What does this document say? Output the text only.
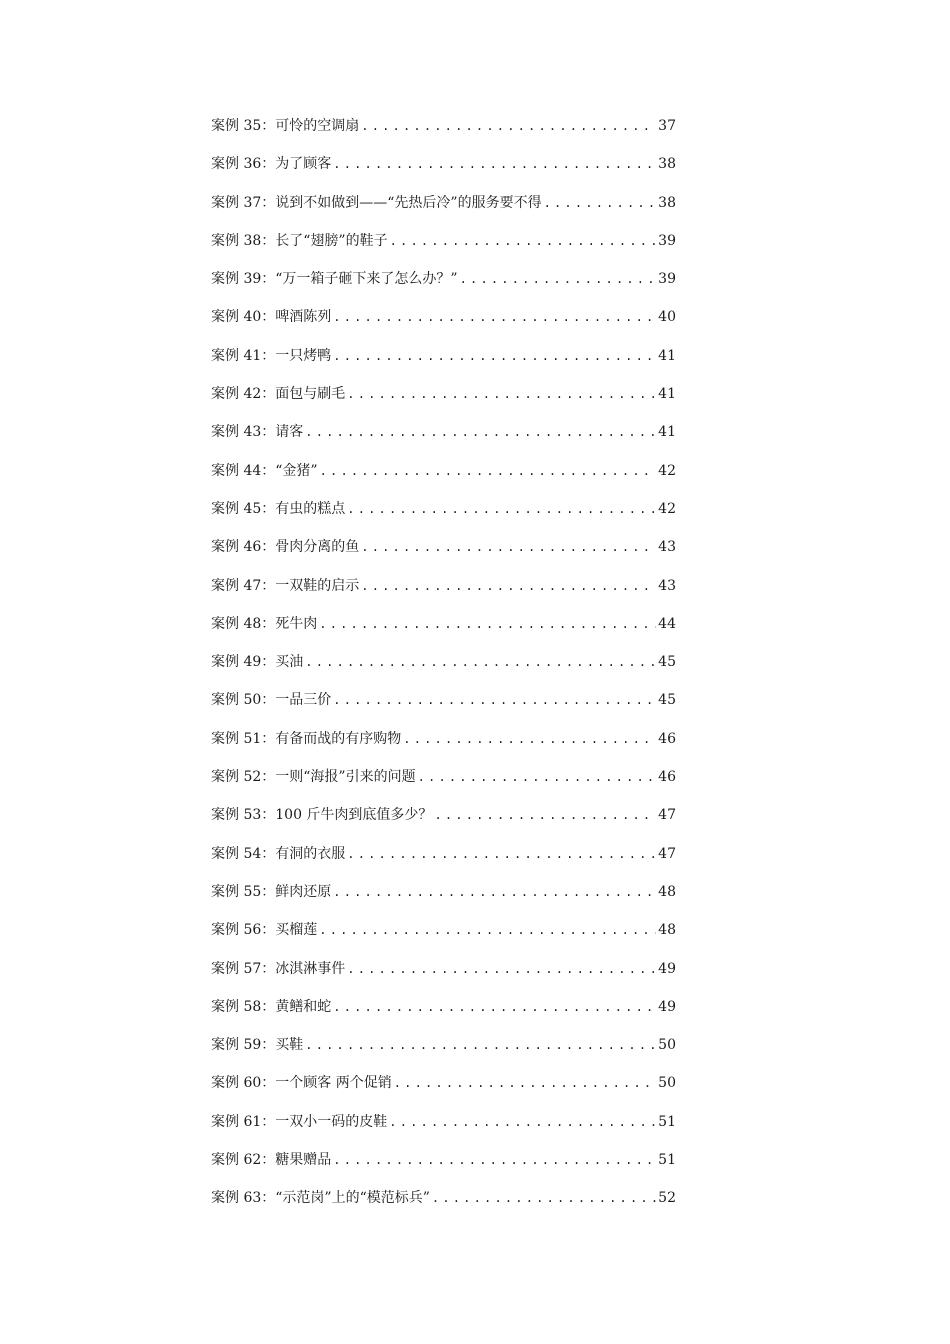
案例 35：可怜的空调扇 .....	37
案例 36：为了顾客 .....	38
案例 37：说到不如做到——“先热后冷”的服务要不得 .....	38
案例 38：长了“翅膀”的鞋子 .....	39
案例 39：“万一箱子砸下来了怎么办？” .....	39
案例 40：啤酒陈列 .....	40
案例 41：一只烤鸭 .....	41
案例 42：面包与刷毛 .....	41
案例 43：请客 .....	41
案例 44：“金猪” .....	42
案例 45：有虫的糕点 .....	42
案例 46：骨肉分离的鱼 .....	43
案例 47：一双鞋的启示 .....	43
案例 48：死牛肉 .....	44
案例 49：买油 .....	45
案例 50：一品三价 .....	45
案例 51：有备而战的有序购物 .....	46
案例 52：一则“海报”引来的问题 .....	46
案例 53：100 斤牛肉到底值多少？ .....	47
案例 54：有洞的衣服 .....	47
案例 55：鲜肉还原 .....	48
案例 56：买榴莲 .....	48
案例 57：冰淇淋事件 .....	49
案例 58：黄鳝和蛇 .....	49
案例 59：买鞋 .....	50
案例 60：一个顾客 两个促销 .....	50
案例 61：一双小一码的皮鞋 .....	51
案例 62：糖果赠品 .....	51
案例 63：“示范岗”上的“模范标兵” .....	52
